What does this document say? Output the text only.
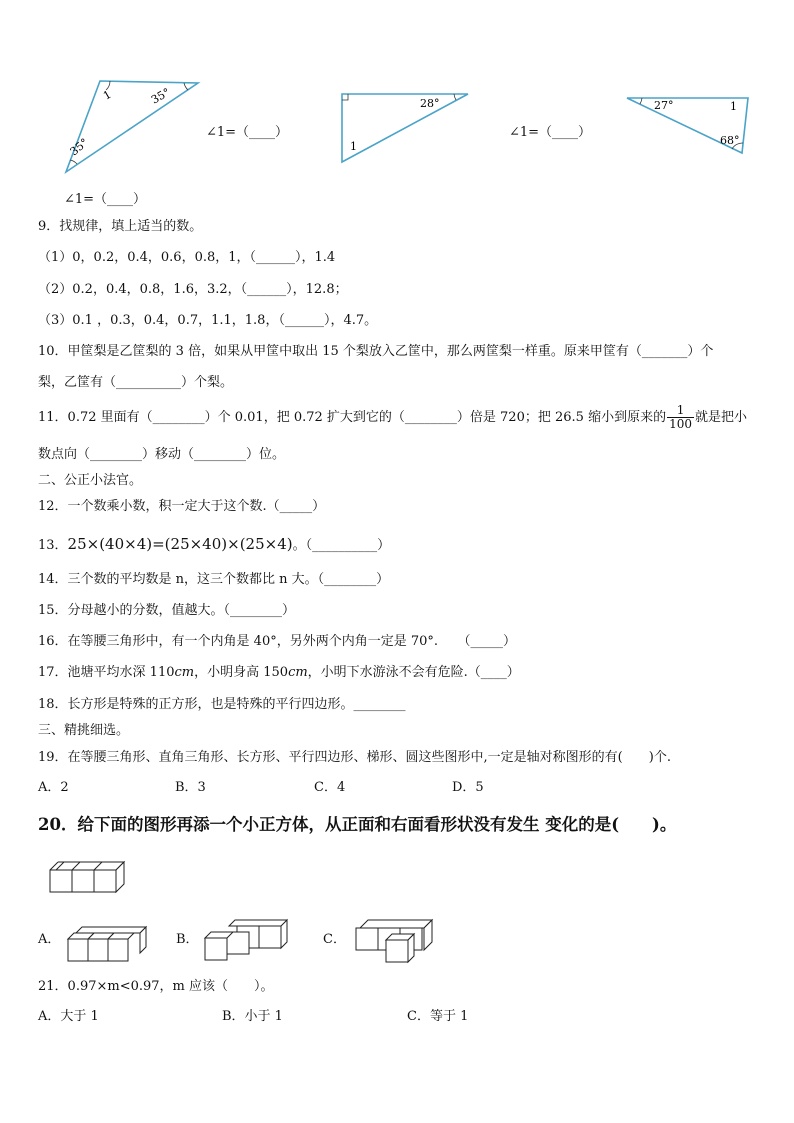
1	35°
35°
∠1=（____）
28°
1
∠1=（____）
27°	1
68°
∠1=（____）
9．找规律，填上适当的数。
（1）0，0.2，0.4，0.6，0.8，1，（______），1.4
（2）0.2，0.4，0.8，1.6，3.2，（______），12.8；
（3）0.1 ，0.3，0.4，0.7，1.1，1.8，（______），4.7。
10．甲筐梨是乙筐梨的 3 倍，如果从甲筐中取出 15 个梨放入乙筐中，那么两筐梨一样重。原来甲筐有（_______）个
梨，乙筐有（__________）个梨。
11．0.72 里面有（________）个 0.01，把 0.72 扩大到它的（________）倍是 720；把 26.5 缩小到原来的 $\frac{1}{100}$ 就是把小
数点向（________）移动（________）位。
二、公正小法官。
12．一个数乘小数，积一定大于这个数.（_____）
13．25×(40×4)=(25×40)×(25×4)。（__________）
14．三个数的平均数是 n，这三个数都比 n 大。（________）
15．分母越小的分数，值越大。（________）
16．在等腰三角形中，有一个内角是 40°，另外两个内角一定是 70°.　　（_____）
17．池塘平均水深 110cm，小明身高 150cm，小明下水游泳不会有危险.（____）
18．长方形是特殊的正方形，也是特殊的平行四边形。________
三、精挑细选。
19．在等腰三角形、直角三角形、长方形、平行四边形、梯形、圆这些图形中,一定是轴对称图形的有(　　)个.
A．2	B．3	C．4	D．5
20．给下面的图形再添一个小正方体，从正面和右面看形状没有发生 变化的是(　　)。
A．	B．	C．
21．0.97×m<0.97，m 应该（　　）。
A．大于 1	B．小于 1	C．等于 1
